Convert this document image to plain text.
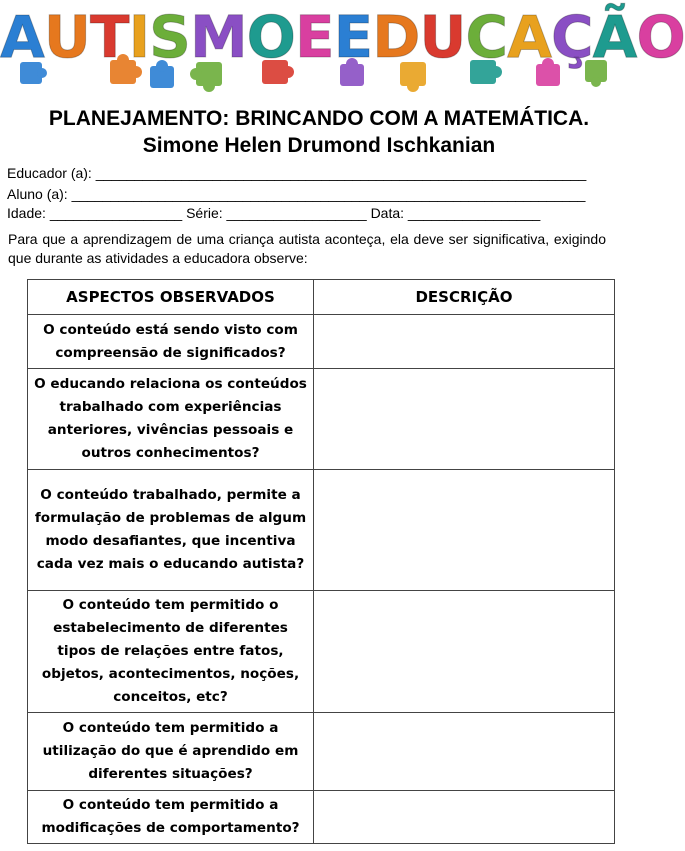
AUTISMOEEDUCAÇÃO
PLANEJAMENTO: BRINCANDO COM A MATEMÁTICA.
Simone Helen Drumond Ischkanian
Educador (a): _______________________________________________________________
Aluno (a): __________________________________________________________________
Idade: _________________ Série: __________________ Data: _________________
Para que a aprendizagem de uma criança autista aconteça, ela deve ser significativa, exigindo que durante as atividades a educadora observe:
ASPECTOS OBSERVADOS	DESCRIÇÃO
O conteúdo está sendo visto com compreensão de significados?	
O educando relaciona os conteúdos trabalhado com experiências anteriores, vivências pessoais e outros conhecimentos?	
O conteúdo trabalhado, permite a formulação de problemas de algum modo desafiantes, que incentiva cada vez mais o educando autista?	
O conteúdo tem permitido o estabelecimento de diferentes tipos de relações entre fatos, objetos, acontecimentos, noções, conceitos, etc?	
O conteúdo tem permitido a utilização do que é aprendido em diferentes situações?	
O conteúdo tem permitido a modificações de comportamento?	
